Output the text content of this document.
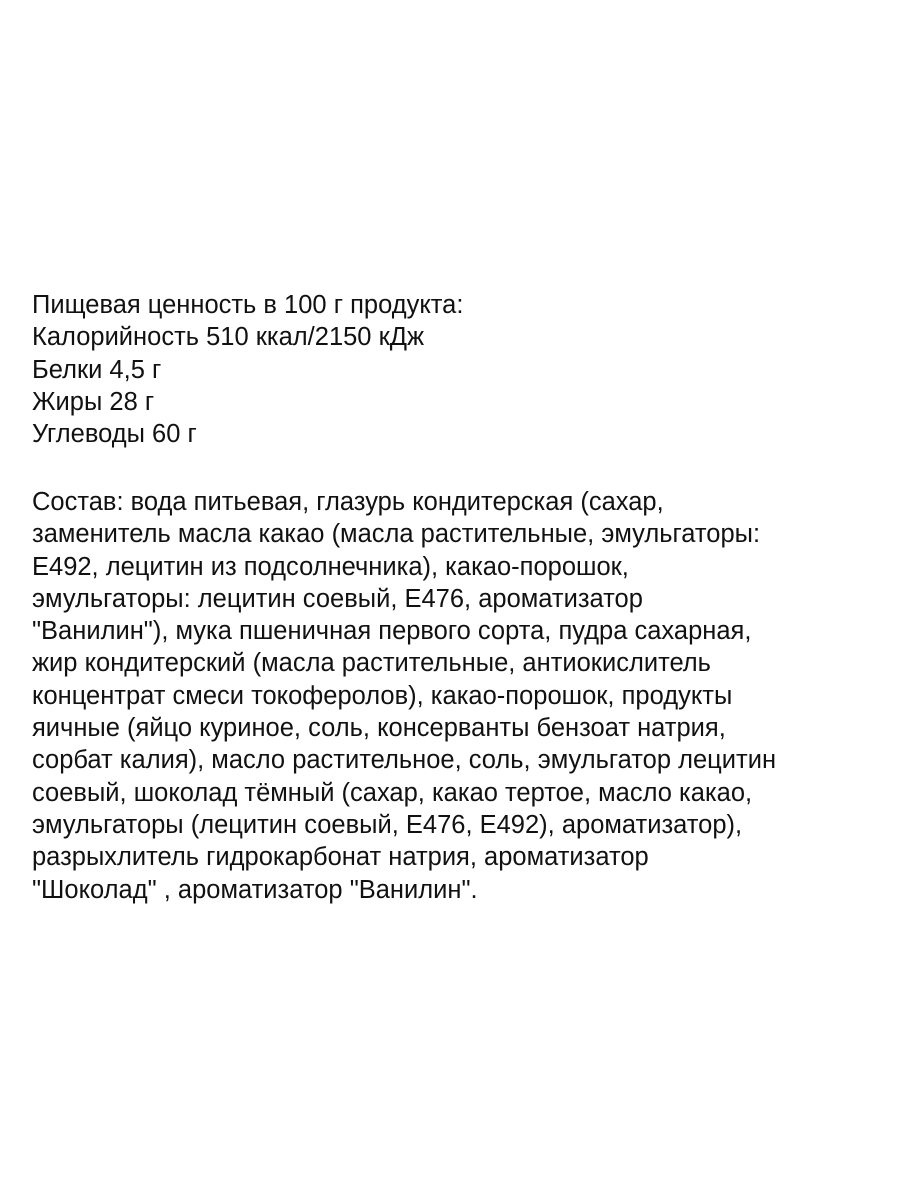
Пищевая ценность в 100 г продукта:
Калорийность 510 ккал/2150 кДж
Белки 4,5 г
Жиры 28 г
Углеводы 60 г
Состав: вода питьевая, глазурь кондитерская (сахар,
заменитель масла какао (масла растительные, эмульгаторы:
Е492, лецитин из подсолнечника), какао-порошок,
эмульгаторы: лецитин соевый, Е476, ароматизатор
"Ванилин"), мука пшеничная первого сорта, пудра сахарная,
жир кондитерский (масла растительные, антиокислитель
концентрат смеси токоферолов), какао-порошок, продукты
яичные (яйцо куриное, соль, консерванты бензоат натрия,
сорбат калия), масло растительное, соль, эмульгатор лецитин
соевый, шоколад тёмный (сахар, какао тертое, масло какао,
эмульгаторы (лецитин соевый, Е476, Е492), ароматизатор),
разрыхлитель гидрокарбонат натрия, ароматизатор
"Шоколад" , ароматизатор "Ванилин".
